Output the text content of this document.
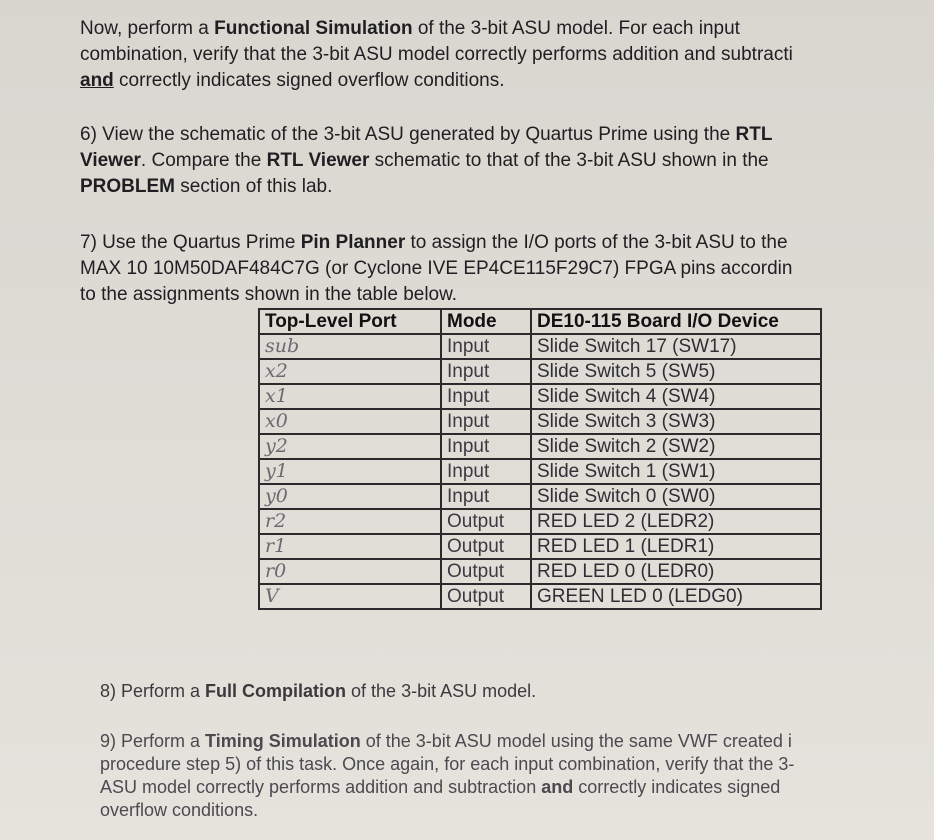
Now, perform a Functional Simulation of the 3-bit ASU model. For each input
combination, verify that the 3-bit ASU model correctly performs addition and subtracti
and correctly indicates signed overflow conditions.
6) View the schematic of the 3-bit ASU generated by Quartus Prime using the RTL
Viewer. Compare the RTL Viewer schematic to that of the 3-bit ASU shown in the
PROBLEM section of this lab.
7) Use the Quartus Prime Pin Planner to assign the I/O ports of the 3-bit ASU to the
MAX 10 10M50DAF484C7G (or Cyclone IVE EP4CE115F29C7) FPGA pins accordin
to the assignments shown in the table below.
Top-Level Port	Mode	DE10-115 Board I/O Device
sub	Input	Slide Switch 17 (SW17)
x2	Input	Slide Switch 5 (SW5)
x1	Input	Slide Switch 4 (SW4)
x0	Input	Slide Switch 3 (SW3)
y2	Input	Slide Switch 2 (SW2)
y1	Input	Slide Switch 1 (SW1)
y0	Input	Slide Switch 0 (SW0)
r2	Output	RED LED 2 (LEDR2)
r1	Output	RED LED 1 (LEDR1)
r0	Output	RED LED 0 (LEDR0)
V	Output	GREEN LED 0 (LEDG0)
8) Perform a Full Compilation of the 3-bit ASU model.
9) Perform a Timing Simulation of the 3-bit ASU model using the same VWF created i
procedure step 5) of this task. Once again, for each input combination, verify that the 3-
ASU model correctly performs addition and subtraction and correctly indicates signed
overflow conditions.
